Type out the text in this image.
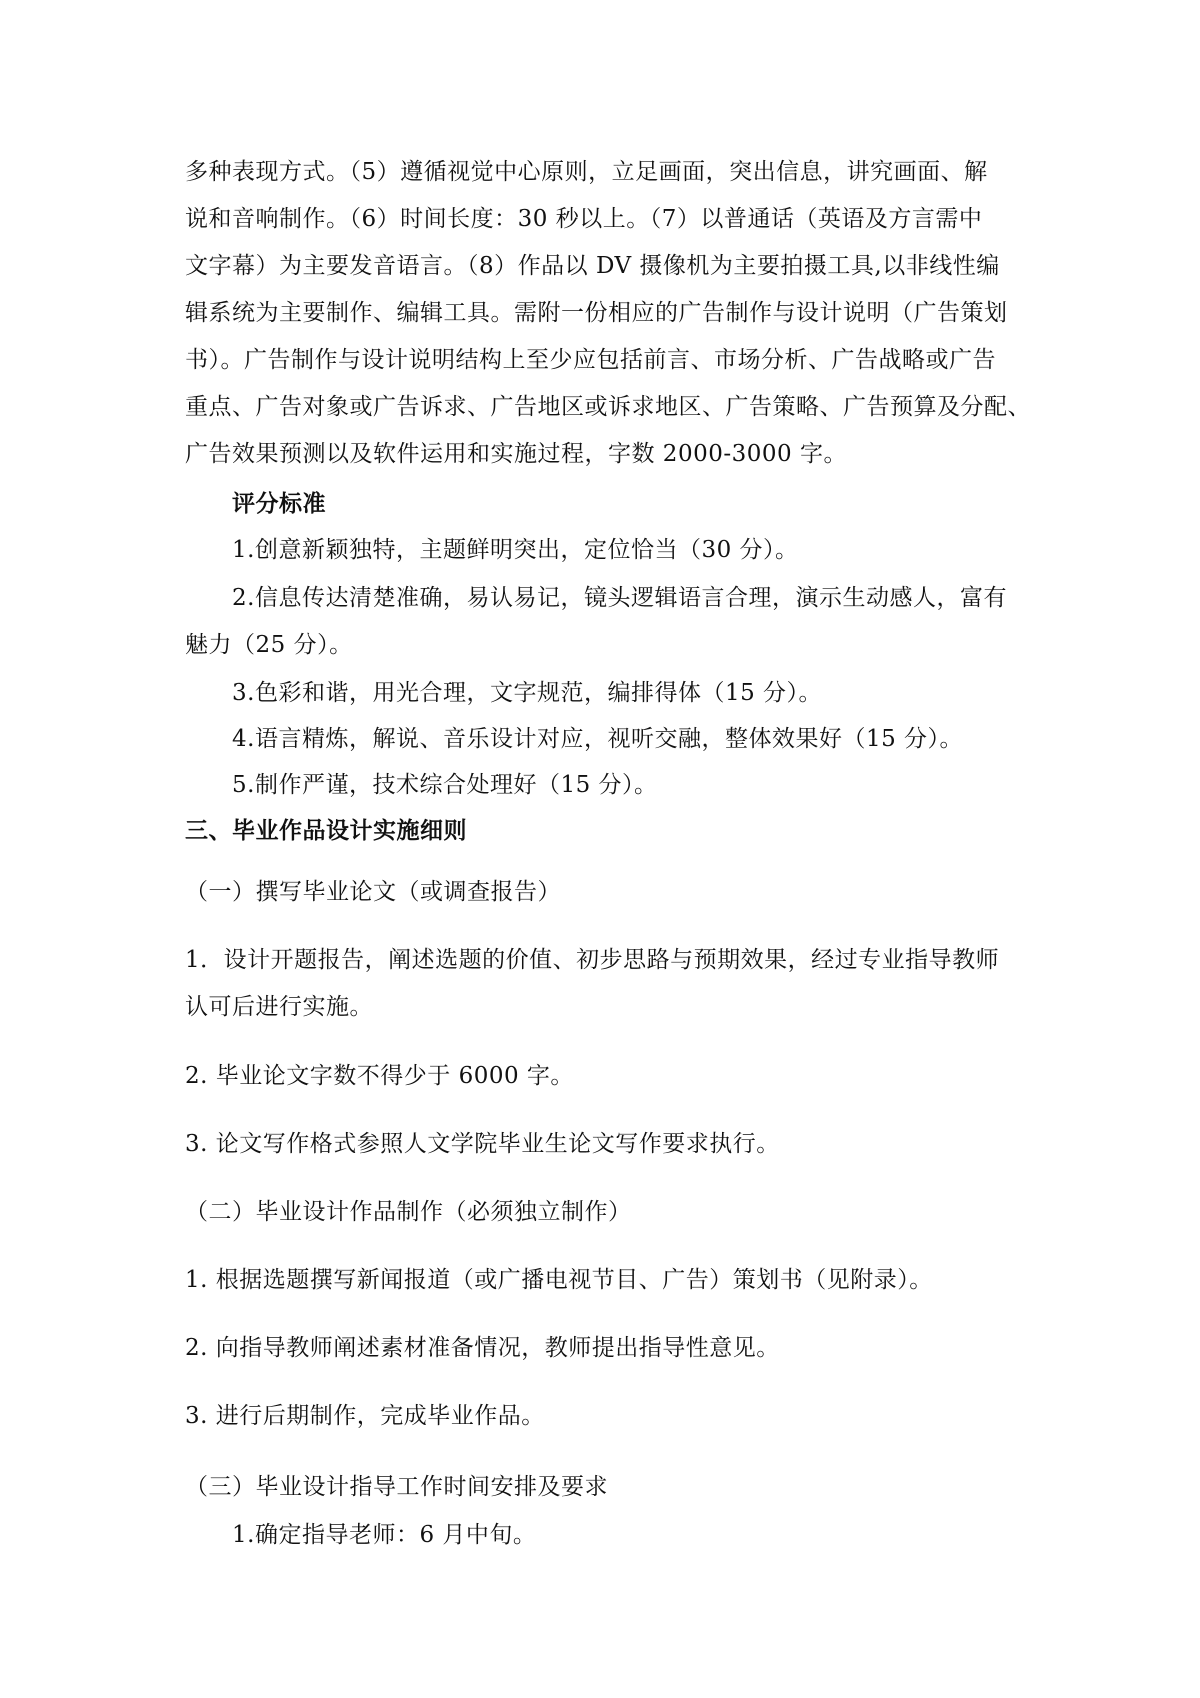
多种表现方式。（5）遵循视觉中心原则，立足画面，突出信息，讲究画面、解
说和音响制作。（6）时间长度：30 秒以上。（7）以普通话（英语及方言需中
文字幕）为主要发音语言。（8）作品以 DV 摄像机为主要拍摄工具,以非线性编
辑系统为主要制作、编辑工具。需附一份相应的广告制作与设计说明（广告策划
书）。广告制作与设计说明结构上至少应包括前言、市场分析、广告战略或广告
重点、广告对象或广告诉求、广告地区或诉求地区、广告策略、广告预算及分配、
广告效果预测以及软件运用和实施过程，字数 2000-3000 字。
评分标准
1.创意新颖独特，主题鲜明突出，定位恰当（30 分）。
2.信息传达清楚准确，易认易记，镜头逻辑语言合理，演示生动感人，富有
魅力（25 分）。
3.色彩和谐，用光合理，文字规范，编排得体（15 分）。
4.语言精炼，解说、音乐设计对应，视听交融，整体效果好（15 分）。
5.制作严谨，技术综合处理好（15 分）。
三、毕业作品设计实施细则
（一）撰写毕业论文（或调查报告）
1．设计开题报告，阐述选题的价值、初步思路与预期效果，经过专业指导教师
认可后进行实施。
2. 毕业论文字数不得少于 6000 字。
3. 论文写作格式参照人文学院毕业生论文写作要求执行。
（二）毕业设计作品制作（必须独立制作）
1. 根据选题撰写新闻报道（或广播电视节目、广告）策划书（见附录）。
2. 向指导教师阐述素材准备情况，教师提出指导性意见。
3. 进行后期制作，完成毕业作品。
（三）毕业设计指导工作时间安排及要求
1.确定指导老师：6 月中旬。
